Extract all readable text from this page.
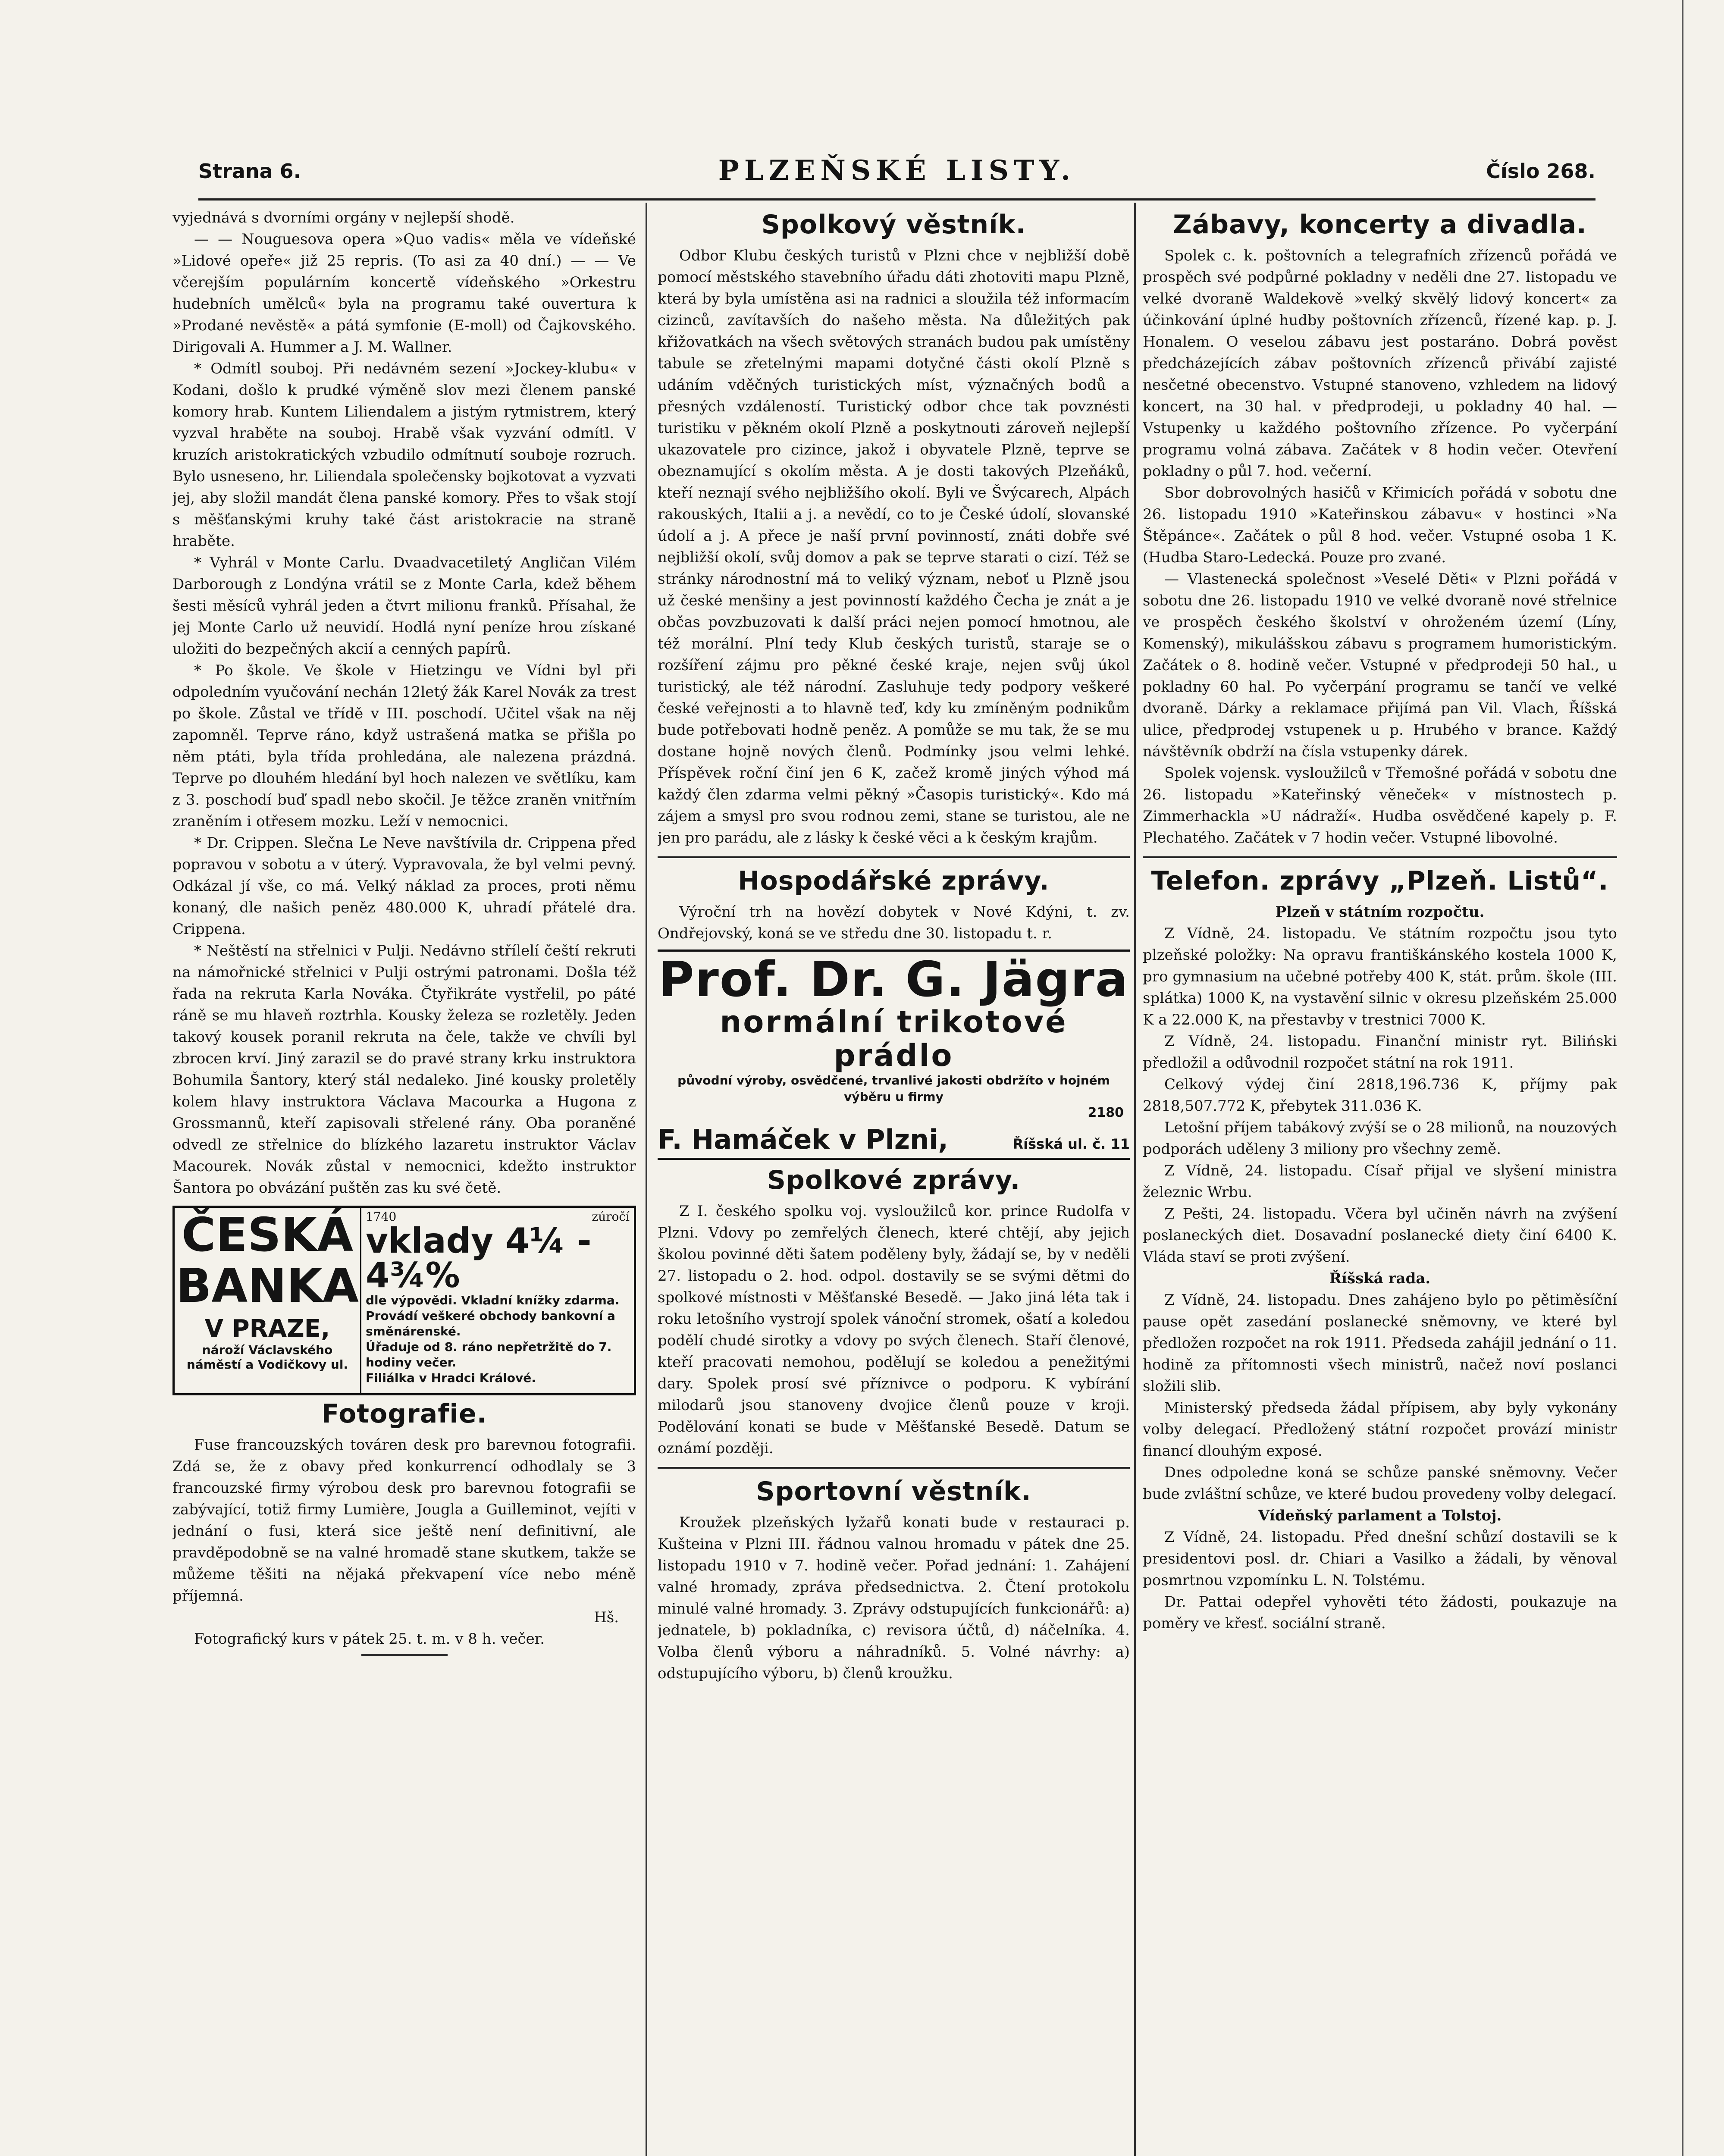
Strana 6.	PLZEŇSKÉ LISTY.	Číslo 268.

vyjednává s dvorními orgány v nejlepší shodě.

— — Nouguesova opera »Quo vadis« měla ve vídeňské »Lidové opeře« již 25 repris. (To asi za 40 dní.) — — Ve včerejším populárním koncertě vídeňského »Orkestru hudebních umělců« byla na programu také ouvertura k »Prodané nevěstě« a pátá symfonie (E-moll) od Čajkovského. Dirigovali A. Hummer a J. M. Wallner.

* Odmítl souboj. Při nedávném sezení »Jockey-klubu« v Kodani, došlo k prudké výměně slov mezi členem panské komory hrab. Kuntem Liliendalem a jistým rytmistrem, který vyzval hraběte na souboj. Hrabě však vyzvání odmítl. V kruzích aristokratických vzbudilo odmítnutí souboje rozruch. Bylo usneseno, hr. Liliendala společensky bojkotovat a vyzvati jej, aby složil mandát člena panské komory. Přes to však stojí s měšťanskými kruhy také část aristokracie na straně hraběte.

* Vyhrál v Monte Carlu. Dvaadvacetiletý Angličan Vilém Darborough z Londýna vrátil se z Monte Carla, kdež během šesti měsíců vyhrál jeden a čtvrt milionu franků. Přísahal, že jej Monte Carlo už neuvidí. Hodlá nyní peníze hrou získané uložiti do bezpečných akcií a cenných papírů.

* Po škole. Ve škole v Hietzingu ve Vídni byl při odpoledním vyučování nechán 12letý žák Karel Novák za trest po škole. Zůstal ve třídě v III. poschodí. Učitel však na něj zapomněl. Teprve ráno, když ustrašená matka se přišla po něm ptáti, byla třída prohledána, ale nalezena prázdná. Teprve po dlouhém hledání byl hoch nalezen ve světlíku, kam z 3. poschodí buď spadl nebo skočil. Je těžce zraněn vnitřním zraněním i otřesem mozku. Leží v nemocnici.

* Dr. Crippen. Slečna Le Neve navštívila dr. Crippena před popravou v sobotu a v úterý. Vypravovala, že byl velmi pevný. Odkázal jí vše, co má. Velký náklad za proces, proti němu konaný, dle našich peněz 480.000 K, uhradí přátelé dra. Crippena.

* Neštěstí na střelnici v Pulji. Nedávno střílelí čeští rekruti na námořnické střelnici v Pulji ostrými patronami. Došla též řada na rekruta Karla Nováka. Čtyřikráte vystřelil, po páté ráně se mu hlaveň roztrhla. Kousky železa se rozletěly. Jeden takový kousek poranil rekruta na čele, takže ve chvíli byl zbrocen krví. Jiný zarazil se do pravé strany krku instruktora Bohumila Šantory, který stál nedaleko. Jiné kousky proletěly kolem hlavy instruktora Václava Macourka a Hugona z Grossmannů, kteří zapisovali střelené rány. Oba poraněné odvedl ze střelnice do blízkého lazaretu instruktor Václav Macourek. Novák zůstal v nemocnici, kdežto instruktor Šantora po obvázání puštěn zas ku své četě.

ČESKÁ
BANKA
V PRAZE,
nároží Václavského náměstí a Vodičkovy ul.
1740	zúročí
vklady 4¼ - 4¾%
dle výpovědi. Vkladní knížky zdarma. Provádí veškeré obchody bankovní a směnárenské.
Úřaduje od 8. ráno nepřetržitě do 7. hodiny večer.
Filiálka v Hradci Králové.
Fotografie.

Fuse francouzských továren desk pro barevnou fotografii. Zdá se, že z obavy před konkurrencí odhodlaly se 3 francouzské firmy výrobou desk pro barevnou fotografii se zabývající, totiž firmy Lumière, Jougla a Guilleminot, vejíti v jednání o fusi, která sice ještě není definitivní, ale pravděpodobně se na valné hromadě stane skutkem, takže se můžeme těšiti na nějaká překvapení více nebo méně příjemná.

Hš.

Fotografický kurs v pátek 25. t. m. v 8 h. večer.

Spolkový věstník.

Odbor Klubu českých turistů v Plzni chce v nejbližší době pomocí městského stavebního úřadu dáti zhotoviti mapu Plzně, která by byla umístěna asi na radnici a sloužila též informacím cizinců, zavítavších do našeho města. Na důležitých pak křižovatkách na všech světových stranách budou pak umístěny tabule se zřetelnými mapami dotyčné části okolí Plzně s udáním vděčných turistických míst, význačných bodů a přesných vzdáleností. Turistický odbor chce tak povznésti turistiku v pěkném okolí Plzně a poskytnouti zároveň nejlepší ukazovatele pro cizince, jakož i obyvatele Plzně, teprve se obeznamující s okolím města. A je dosti takových Plzeňáků, kteří neznají svého nejbližšího okolí. Byli ve Švýcarech, Alpách rakouských, Italii a j. a nevědí, co to je České údolí, slovanské údolí a j. A přece je naší první povinností, znáti dobře své nejbližší okolí, svůj domov a pak se teprve starati o cizí. Též se stránky národnostní má to veliký význam, neboť u Plzně jsou už české menšiny a jest povinností každého Čecha je znát a je občas povzbuzovati k další práci nejen pomocí hmotnou, ale též morální. Plní tedy Klub českých turistů, staraje se o rozšíření zájmu pro pěkné české kraje, nejen svůj úkol turistický, ale též národní. Zasluhuje tedy podpory veškeré české veřejnosti a to hlavně teď, kdy ku zmíněným podnikům bude potřebovati hodně peněz. A pomůže se mu tak, že se mu dostane hojně nových členů. Podmínky jsou velmi lehké. Příspěvek roční činí jen 6 K, začež kromě jiných výhod má každý člen zdarma velmi pěkný »Časopis turistický«. Kdo má zájem a smysl pro svou rodnou zemi, stane se turistou, ale ne jen pro parádu, ale z lásky k české věci a k českým krajům.

Hospodářské zprávy.

Výroční trh na hovězí dobytek v Nové Kdýni, t. zv. Ondřejovský, koná se ve středu dne 30. listopadu t. r.

Prof. Dr. G. Jägra
normální trikotové prádlo
původní výroby, osvědčené, trvanlivé jakosti obdržíto v hojném výběru u firmy
2180
F. Hamáček v Plzni,	Říšská ul. č. 11
Spolkové zprávy.

Z I. českého spolku voj. vysloužilců kor. prince Rudolfa v Plzni. Vdovy po zemřelých členech, které chtějí, aby jejich školou povinné děti šatem poděleny byly, žádají se, by v neděli 27. listopadu o 2. hod. odpol. dostavily se se svými dětmi do spolkové místnosti v Měšťanské Besedě. — Jako jiná léta tak i roku letošního vystrojí spolek vánoční stromek, ošatí a koledou podělí chudé sirotky a vdovy po svých členech. Staří členové, kteří pracovati nemohou, podělují se koledou a penežitými dary. Spolek prosí své příznivce o podporu. K vybírání milodarů jsou stanoveny dvojice členů pouze v kroji. Podělování konati se bude v Měšťanské Besedě. Datum se oznámí později.

Sportovní věstník.

Kroužek plzeňských lyžařů konati bude v restauraci p. Kušteina v Plzni III. řádnou valnou hromadu v pátek dne 25. listopadu 1910 v 7. hodině večer. Pořad jednání: 1. Zahájení valné hromady, zpráva předsednictva. 2. Čtení protokolu minulé valné hromady. 3. Zprávy odstupujících funkcionářů: a) jednatele, b) pokladníka, c) revisora účtů, d) náčelníka. 4. Volba členů výboru a náhradníků. 5. Volné návrhy: a) odstupujícího výboru, b) členů kroužku.

Zábavy, koncerty a divadla.

Spolek c. k. poštovních a telegrafních zřízenců pořádá ve prospěch své podpůrné pokladny v neděli dne 27. listopadu ve velké dvoraně Waldekově »velký skvělý lidový koncert« za účinkování úplné hudby poštovních zřízenců, řízené kap. p. J. Honalem. O veselou zábavu jest postaráno. Dobrá pověst předcházejících zábav poštovních zřízenců přivábí zajisté nesčetné obecenstvo. Vstupné stanoveno, vzhledem na lidový koncert, na 30 hal. v předprodeji, u pokladny 40 hal. — Vstupenky u každého poštovního zřízence. Po vyčerpání programu volná zábava. Začátek v 8 hodin večer. Otevření pokladny o půl 7. hod. večerní.

Sbor dobrovolných hasičů v Křimicích pořádá v sobotu dne 26. listopadu 1910 »Kateřinskou zábavu« v hostinci »Na Štěpánce«. Začátek o půl 8 hod. večer. Vstupné osoba 1 K. (Hudba Staro-Ledecká. Pouze pro zvané.

— Vlastenecká společnost »Veselé Děti« v Plzni pořádá v sobotu dne 26. listopadu 1910 ve velké dvoraně nové střelnice ve prospěch českého školství v ohroženém území (Líny, Komenský), mikulášskou zábavu s programem humoristickým. Začátek o 8. hodině večer. Vstupné v předprodeji 50 hal., u pokladny 60 hal. Po vyčerpání programu se tančí ve velké dvoraně. Dárky a reklamace přijímá pan Vil. Vlach, Říšská ulice, předprodej vstupenek u p. Hrubého v brance. Každý návštěvník obdrží na čísla vstupenky dárek.

Spolek vojensk. vysloužilců v Třemošné pořádá v sobotu dne 26. listopadu »Kateřinský věneček« v místnostech p. Zimmerhackla »U nádraží«. Hudba osvědčené kapely p. F. Plechatého. Začátek v 7 hodin večer. Vstupné libovolné.

Telefon. zprávy „Plzeň. Listů“.
Plzeň v státním rozpočtu.

Z Vídně, 24. listopadu. Ve státním rozpočtu jsou tyto plzeňské položky: Na opravu františkánského kostela 1000 K, pro gymnasium na učebné potřeby 400 K, stát. prům. škole (III. splátka) 1000 K, na vystavění silnic v okresu plzeňském 25.000 K a 22.000 K, na přestavby v trestnici 7000 K.

Z Vídně, 24. listopadu. Finanční ministr ryt. Biliński předložil a odůvodnil rozpočet státní na rok 1911.

Celkový výdej činí 2818,196.736 K, příjmy pak 2818,507.772 K, přebytek 311.036 K.

Letošní příjem tabákový zvýší se o 28 milionů, na nouzových podporách uděleny 3 miliony pro všechny země.

Z Vídně, 24. listopadu. Císař přijal ve slyšení ministra železnic Wrbu.

Z Pešti, 24. listopadu. Včera byl učiněn návrh na zvýšení poslaneckých diet. Dosavadní poslanecké diety činí 6400 K. Vláda staví se proti zvýšení.

Říšská rada.

Z Vídně, 24. listopadu. Dnes zahájeno bylo po pětiměsíční pause opět zasedání poslanecké sněmovny, ve které byl předložen rozpočet na rok 1911. Předseda zahájil jednání o 11. hodině za přítomnosti všech ministrů, načež noví poslanci složili slib.

Ministerský předseda žádal přípisem, aby byly vykonány volby delegací. Předložený státní rozpočet provází ministr financí dlouhým exposé.

Dnes odpoledne koná se schůze panské sněmovny. Večer bude zvláštní schůze, ve které budou provedeny volby delegací.

Vídeňský parlament a Tolstoj.

Z Vídně, 24. listopadu. Před dnešní schůzí dostavili se k presidentovi posl. dr. Chiari a Vasilko a žádali, by věnoval posmrtnou vzpomínku L. N. Tolstému.

Dr. Pattai odepřel vyhověti této žádosti, poukazuje na poměry ve křesť. sociální straně.
